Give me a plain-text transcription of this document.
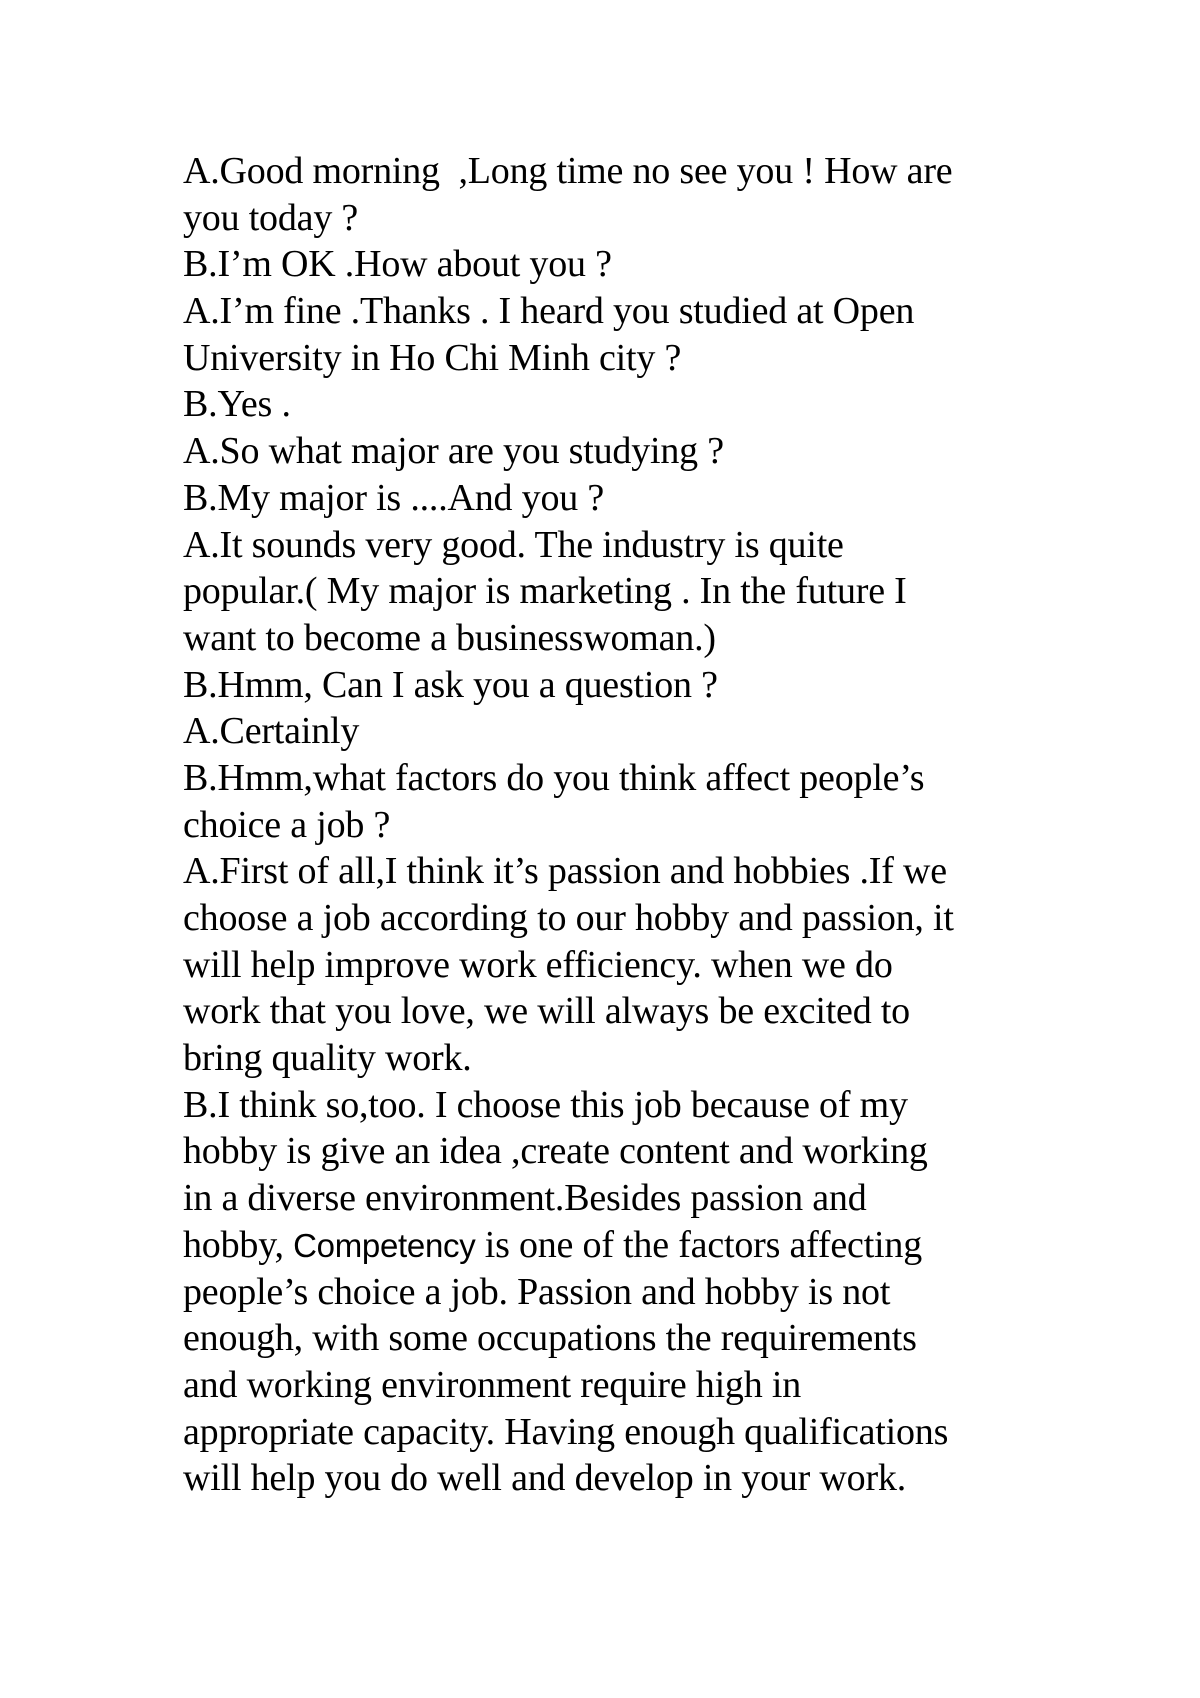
A.Good morning  ,Long time no see you ! How are
you today ?
B.I’m OK .How about you ?
A.I’m fine .Thanks . I heard you studied at Open
University in Ho Chi Minh city ?
B.Yes .
A.So what major are you studying ?
B.My major is ....And you ?
A.It sounds very good. The industry is quite
popular.( My major is marketing . In the future I
want to become a businesswoman.)
B.Hmm, Can I ask you a question ?
A.Certainly
B.Hmm,what factors do you think affect people’s
choice a job ?
A.First of all,I think it’s passion and hobbies .If we
choose a job according to our hobby and passion, it
will help improve work efficiency. when we do
work that you love, we will always be excited to
bring quality work.
B.I think so,too. I choose this job because of my
hobby is give an idea ,create content and working
in a diverse environment.Besides passion and
hobby, Competency is one of the factors affecting
people’s choice a job. Passion and hobby is not
enough, with some occupations the requirements
and working environment require high in
appropriate capacity. Having enough qualifications
will help you do well and develop in your work.
